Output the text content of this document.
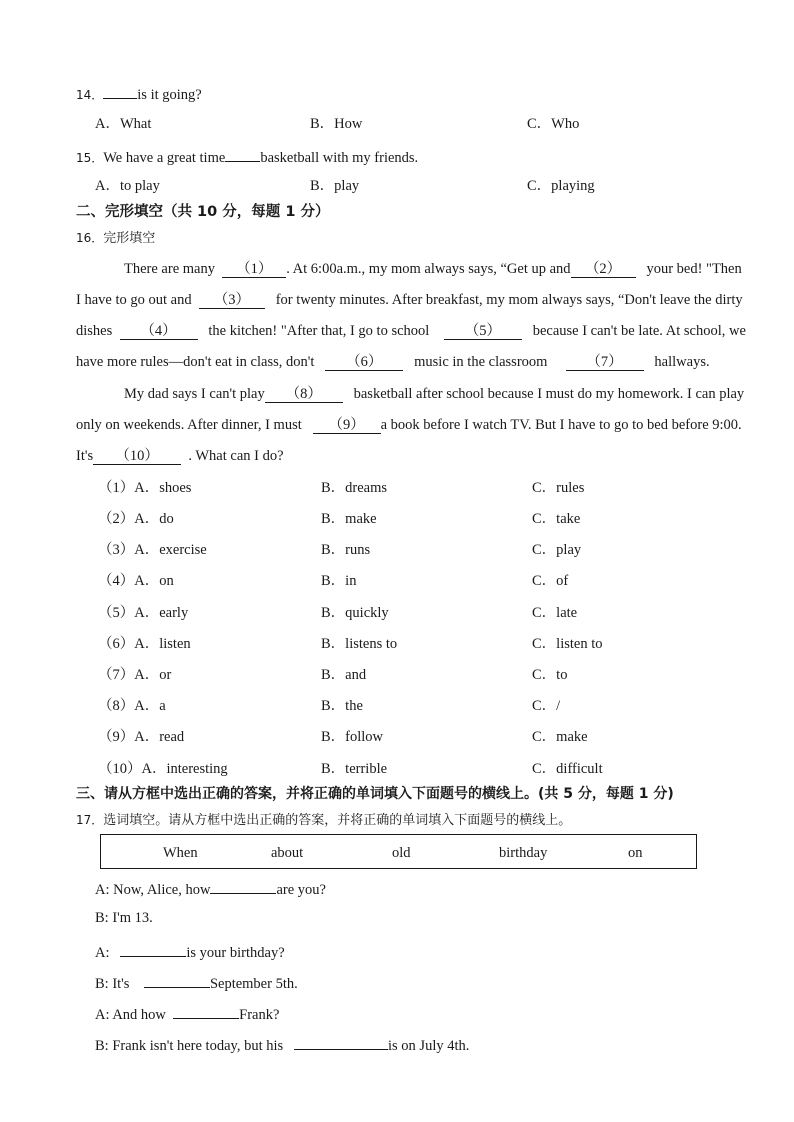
14． is it going?
A．What	B．How	C．Who
15．We have a great time basketball with my friends.
A．to play	B．play	C．playing
二、完形填空（共 10 分，每题 1 分）
16．完形填空
There are many （1） . At 6:00a.m., my mom always says, “Get up and （2） your bed! "Then
I have to go out and （3） for twenty minutes. After breakfast, my mom always says, “Don't leave the dirty
dishes （4） the kitchen! "After that, I go to school （5） because I can't be late. At school, we
have more rules—don't eat in class, don't （6） music in the classroom	（7） hallways.
My dad says I can't play （8） basketball after school because I must do my homework. I can play
only on weekends. After dinner, I must （9） a book before I watch TV. But I have to go to bed before 9:00.
It's （10） . What can I do?
（1）A．shoes	B．dreams	C．rules
（2）A．do	B．make	C．take
（3）A．exercise	B．runs	C．play
（4）A．on	B．in	C．of
（5）A．early	B．quickly	C．late
（6）A．listen	B．listens to	C．listen to
（7）A．or	B．and	C．to
（8）A．a	B．the	C．/
（9）A．read	B．follow	C．make
（10）A．interesting	B．terrible	C．difficult
三、请从方框中选出正确的答案，并将正确的单词填入下面题号的横线上。(共 5 分，每题 1 分)
17．选词填空。请从方框中选出正确的答案，并将正确的单词填入下面题号的横线上。
When	about	old	birthday	on
A: Now, Alice, how	are you?
B: I'm 13.
A:	is your birthday?
B: It's	September 5th.
A: And how	Frank?
B: Frank isn't here today, but his	is on July 4th.
